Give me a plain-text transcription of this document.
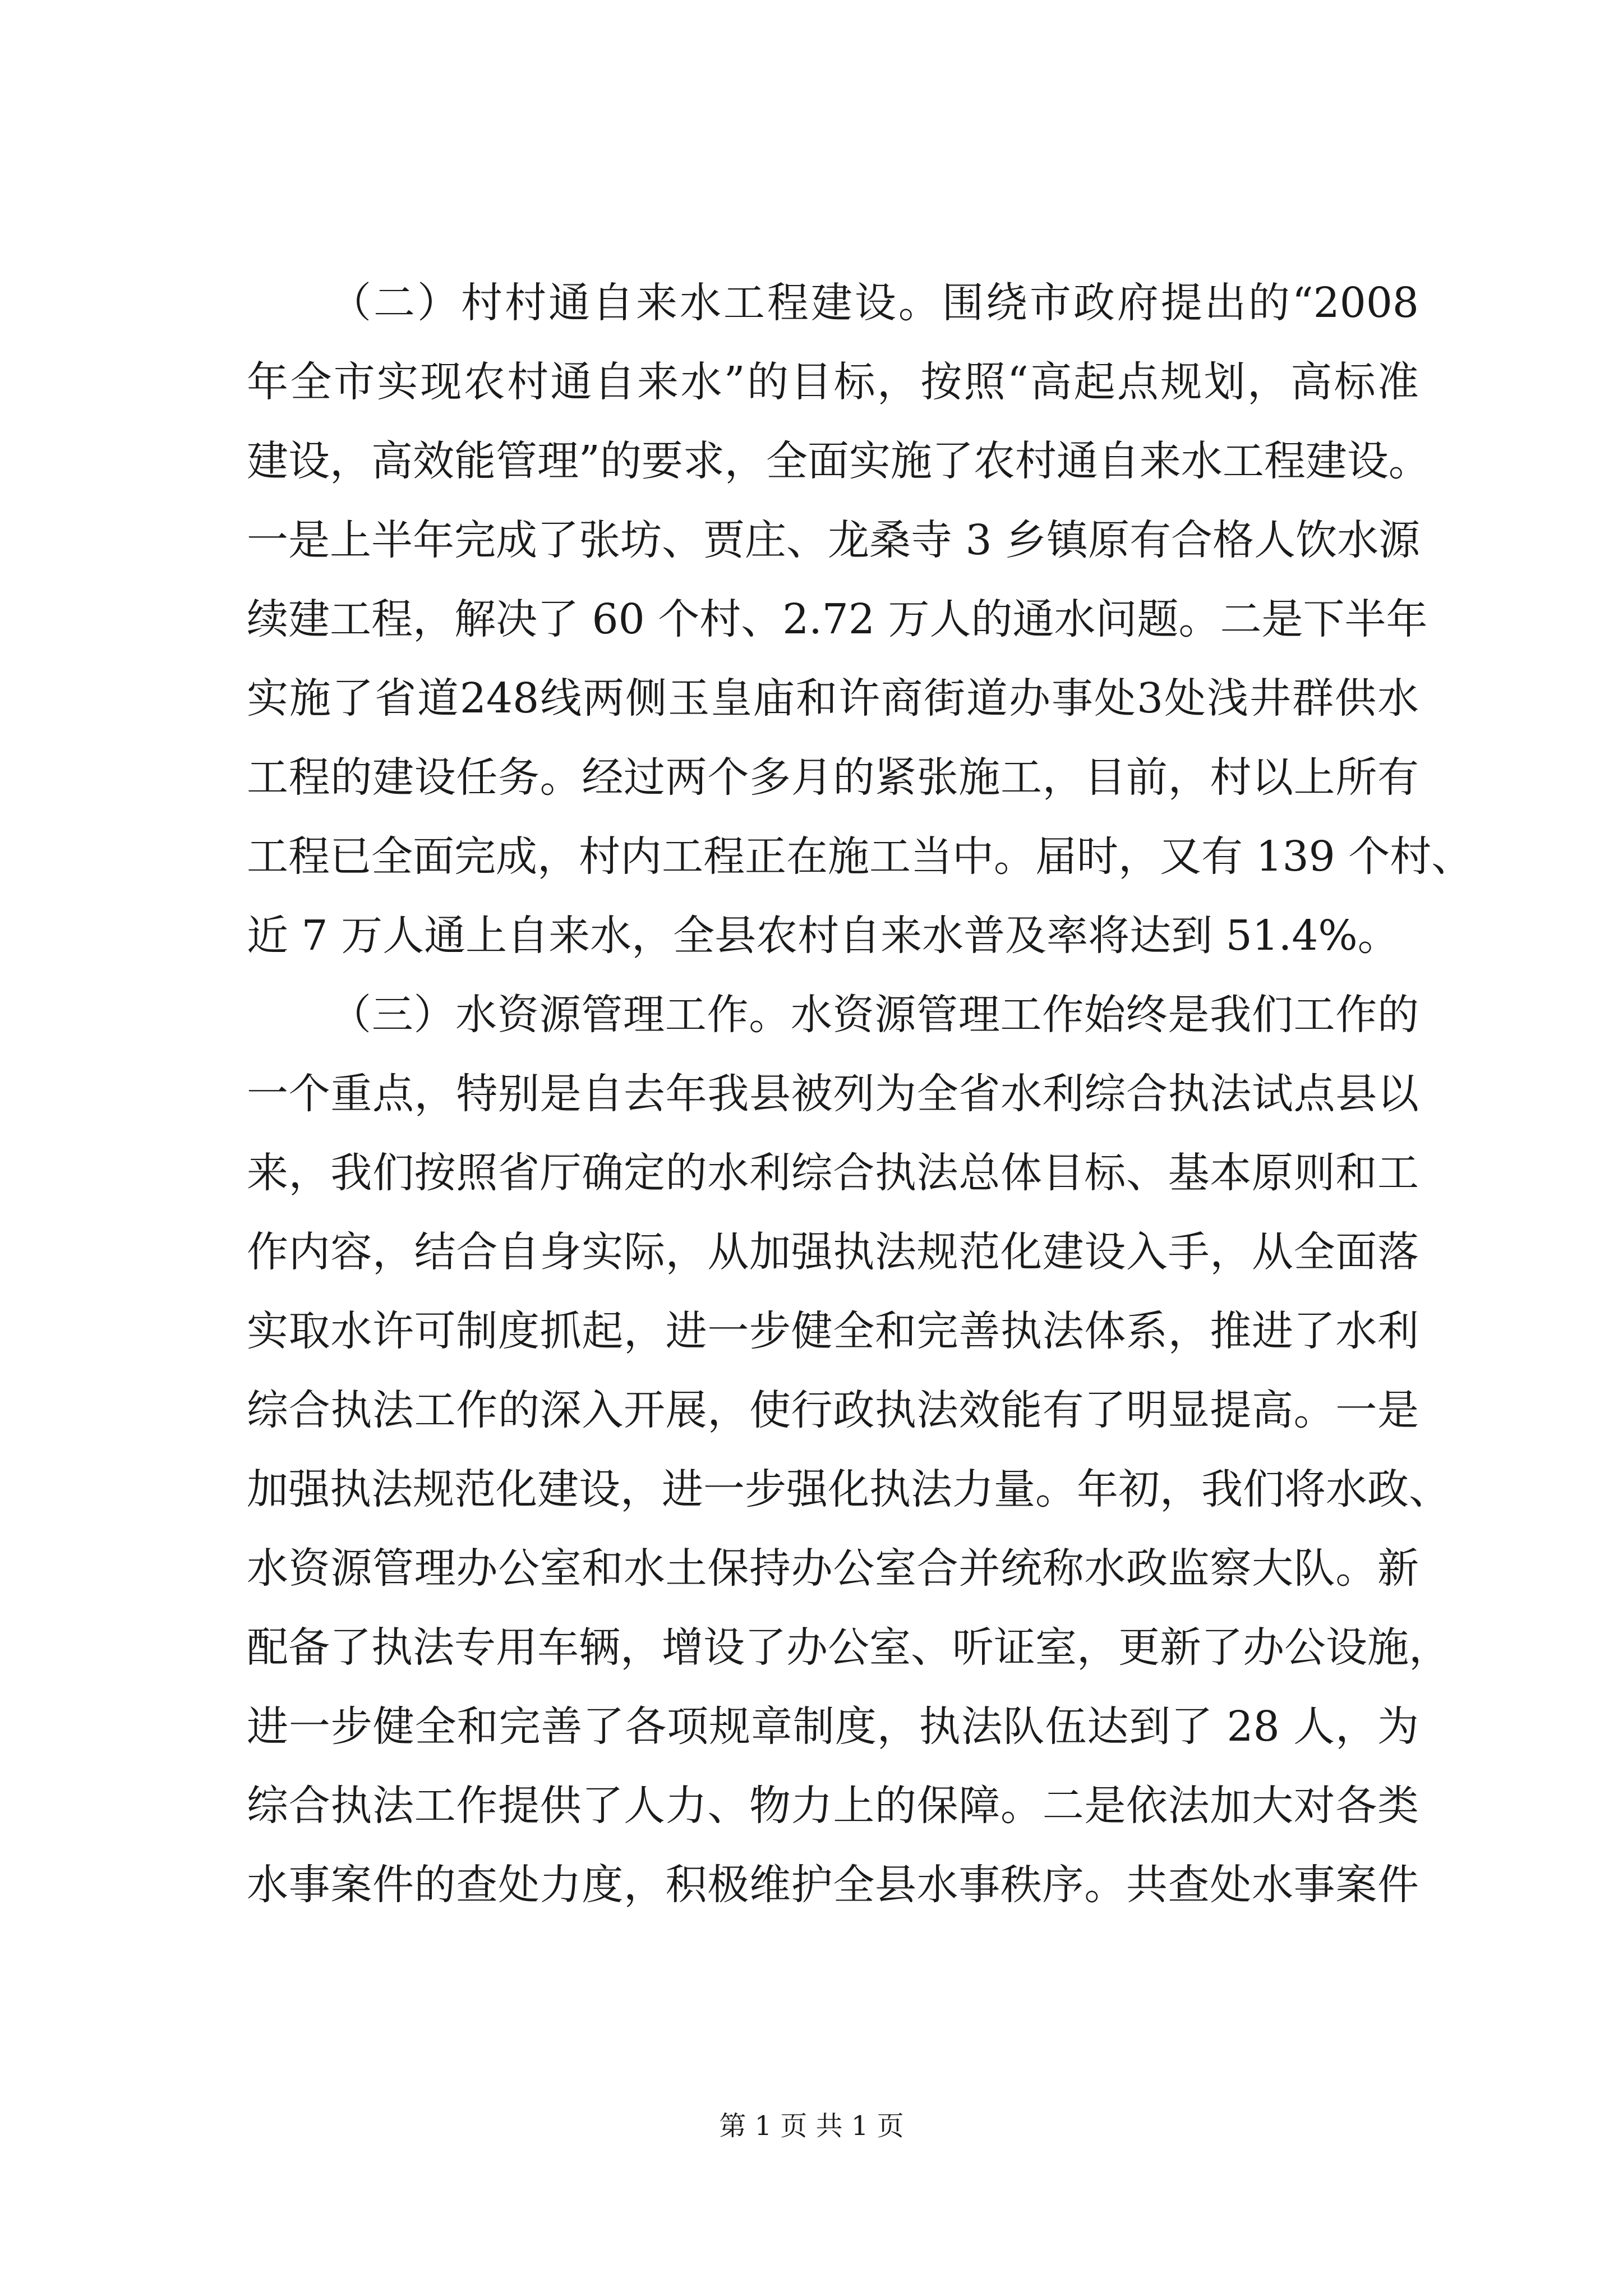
（二）村村通自来水工程建设。围绕市政府提出的“2008
年全市实现农村通自来水”的目标，按照“高起点规划，高标准
建设，高效能管理”的要求，全面实施了农村通自来水工程建设。
一是上半年完成了张坊、贾庄、龙桑寺 3 乡镇原有合格人饮水源
续建工程，解决了 60 个村、2.72 万人的通水问题。二是下半年
实施了省道248线两侧玉皇庙和许商街道办事处3处浅井群供水
工程的建设任务。经过两个多月的紧张施工，目前，村以上所有
工程已全面完成，村内工程正在施工当中。届时，又有 139 个村、
近 7 万人通上自来水，全县农村自来水普及率将达到 51.4%。
（三）水资源管理工作。水资源管理工作始终是我们工作的
一个重点，特别是自去年我县被列为全省水利综合执法试点县以
来，我们按照省厅确定的水利综合执法总体目标、基本原则和工
作内容，结合自身实际，从加强执法规范化建设入手，从全面落
实取水许可制度抓起，进一步健全和完善执法体系，推进了水利
综合执法工作的深入开展，使行政执法效能有了明显提高。一是
加强执法规范化建设，进一步强化执法力量。年初，我们将水政、
水资源管理办公室和水土保持办公室合并统称水政监察大队。新
配备了执法专用车辆，增设了办公室、听证室，更新了办公设施，
进一步健全和完善了各项规章制度，执法队伍达到了 28 人，为
综合执法工作提供了人力、物力上的保障。二是依法加大对各类
水事案件的查处力度，积极维护全县水事秩序。共查处水事案件
第 1 页 共 1 页
